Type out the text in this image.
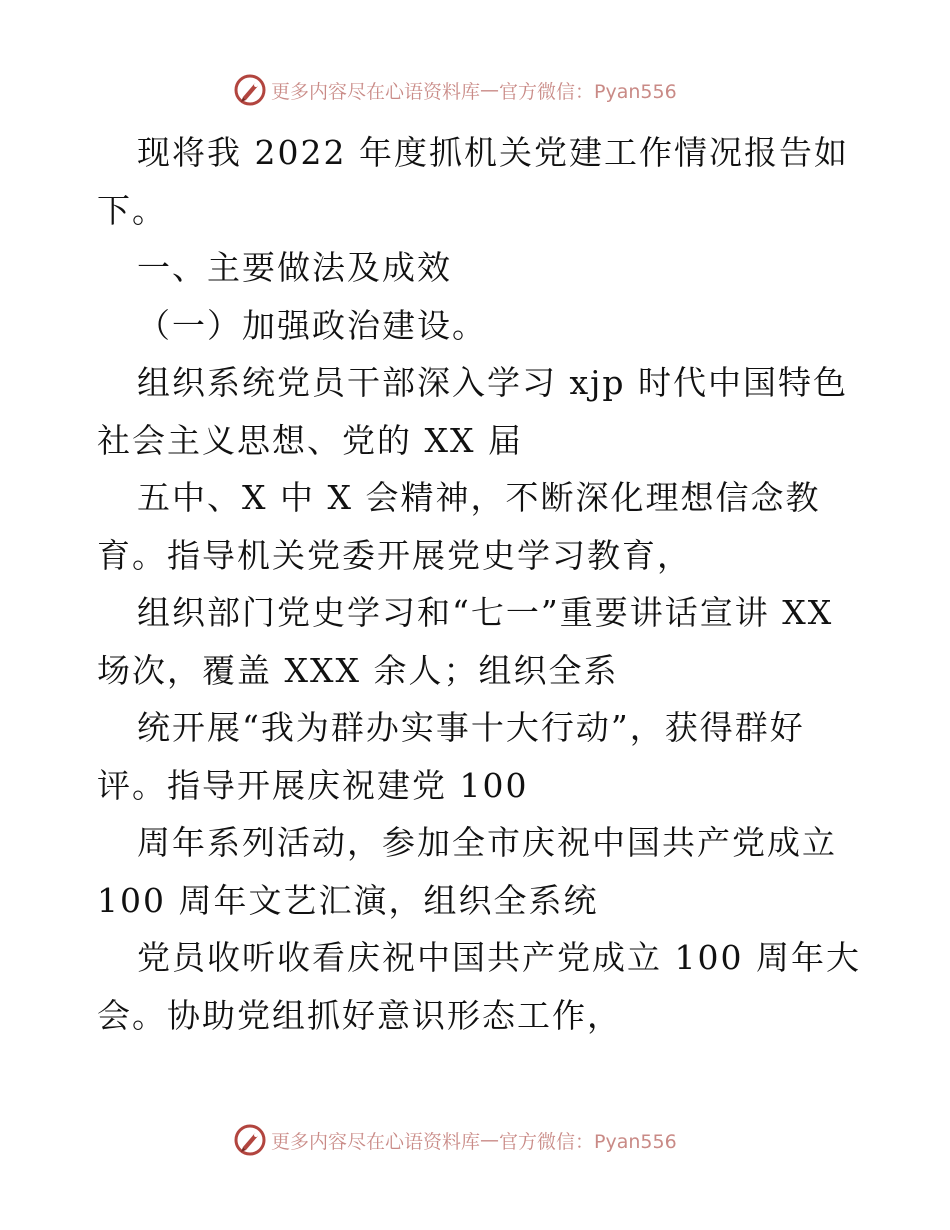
更多内容尽在心语资料库 — 官方微信：Pyan556
现将我 2022 年度抓机关党建工作情况报告如
下。
一、主要做法及成效
（一）加强政治建设。
组织系统党员干部深入学习 xjp 时代中国特色
社会主义思想、党的 XX 届
五中、X 中 X 会精神，不断深化理想信念教
育。指导机关党委开展党史学习教育，
组织部门党史学习和“七一”重要讲话宣讲 XX
场次，覆盖 XXX 余人；组织全系
统开展“我为群办实事十大行动”，获得群好
评。指导开展庆祝建党 100
周年系列活动，参加全市庆祝中国共产党成立
100 周年文艺汇演，组织全系统
党员收听收看庆祝中国共产党成立 100 周年大
会。协助党组抓好意识形态工作，
更多内容尽在心语资料库 — 官方微信：Pyan556
